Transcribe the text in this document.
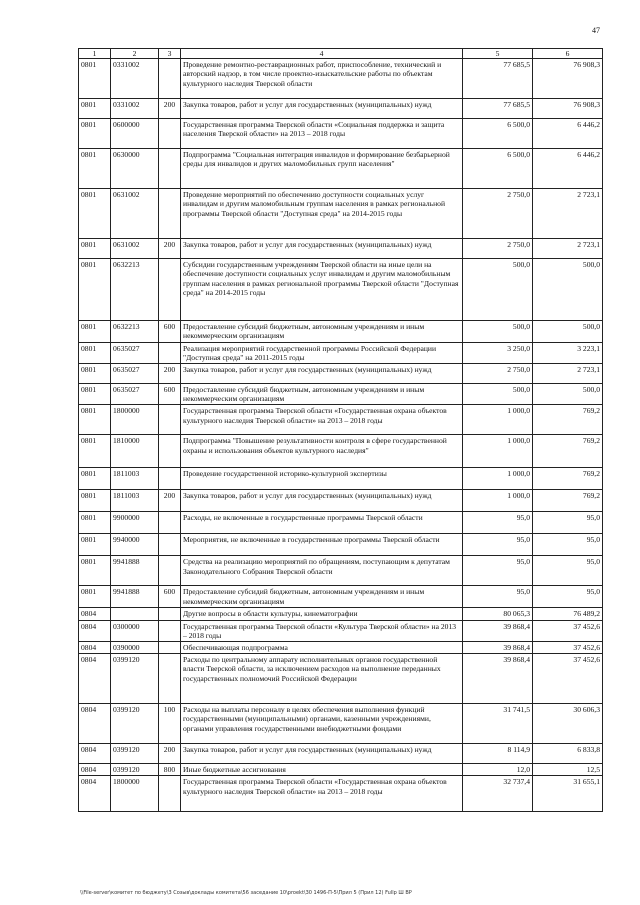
47
1	2	3	4	5	6
0801	0331002		Проведение ремонтно-реставрационных работ, приспособление, технический и авторский надзор, в том числе проектно-изыскательские работы по объектам культурного наследия Тверской области	77 685,5	76 908,3
0801	0331002	200	Закупка товаров, работ и услуг для государственных (муниципальных) нужд	77 685,5	76 908,3
0801	0600000		Государственная программа Тверской области «Социальная поддержка и защита населения Тверской области» на 2013 – 2018 годы	6 500,0	6 446,2
0801	0630000		Подпрограмма "Социальная интеграция инвалидов и формирование безбарьерной среды для инвалидов и других маломобильных групп населения"	6 500,0	6 446,2
0801	0631002		Проведение мероприятий по обеспечению доступности социальных услуг инвалидам и другим маломобильным группам населения в рамках региональной программы Тверской области "Доступная среда" на 2014-2015 годы	2 750,0	2 723,1
0801	0631002	200	Закупка товаров, работ и услуг для государственных (муниципальных) нужд	2 750,0	2 723,1
0801	0632213		Субсидии государственным учреждениям Тверской области на иные цели на обеспечение доступности социальных услуг инвалидам и другим маломобильным группам населения в рамках региональной программы Тверской области "Доступная среда" на 2014-2015 годы	500,0	500,0
0801	0632213	600	Предоставление субсидий бюджетным, автономным учреждениям и иным некоммерческим организациям	500,0	500,0
0801	0635027		Реализация мероприятий государственной программы Российской Федерации "Доступная среда" на 2011-2015 годы	3 250,0	3 223,1
0801	0635027	200	Закупка товаров, работ и услуг для государственных (муниципальных) нужд	2 750,0	2 723,1
0801	0635027	600	Предоставление субсидий бюджетным, автономным учреждениям и иным некоммерческим организациям	500,0	500,0
0801	1800000		Государственная программа Тверской области «Государственная охрана объектов культурного наследия Тверской области» на 2013 – 2018 годы	1 000,0	769,2
0801	1810000		Подпрограмма "Повышение результативности контроля в сфере государственной охраны и использования объектов культурного наследия"	1 000,0	769,2
0801	1811003		Проведение государственной историко-культурной экспертизы	1 000,0	769,2
0801	1811003	200	Закупка товаров, работ и услуг для государственных (муниципальных) нужд	1 000,0	769,2
0801	9900000		Расходы, не включенные в государственные программы Тверской области	95,0	95,0
0801	9940000		Мероприятия, не включенные в государственные программы Тверской области	95,0	95,0
0801	9941888		Средства на реализацию мероприятий по обращениям, поступающим к депутатам Законодательного Собрания Тверской области	95,0	95,0
0801	9941888	600	Предоставление субсидий бюджетным, автономным учреждениям и иным некоммерческим организациям	95,0	95,0
0804			Другие вопросы в области культуры, кинематографии	80 065,3	76 489,2
0804	0300000		Государственная программа Тверской области «Культура Тверской области» на 2013 – 2018 годы	39 868,4	37 452,6
0804	0390000		Обеспечивающая подпрограмма	39 868,4	37 452,6
0804	0399120		Расходы по центральному аппарату исполнительных органов государственной власти Тверской области, за исключением расходов на выполнение переданных государственных полномочий Российской Федерации	39 868,4	37 452,6
0804	0399120	100	Расходы на выплаты персоналу в целях обеспечения выполнения функций государственными (муниципальными) органами, казенными учреждениями, органами управления государственными внебюджетными фондами	31 741,5	30 606,3
0804	0399120	200	Закупка товаров, работ и услуг для государственных (муниципальных) нужд	8 114,9	6 833,8
0804	0399120	800	Иные бюджетные ассигнования	12,0	12,5
0804	1800000		Государственная программа Тверской области «Государственная охрана объектов культурного наследия Тверской области» на 2013 – 2018 годы	32 737,4	31 655,1
\\File-server\комитет по бюджету\3 Созыв\доклады комитета\56 заседание 10\proekt\30 1496-П-5\Прил 5 (Прил 12) Fullp Ш ВР
